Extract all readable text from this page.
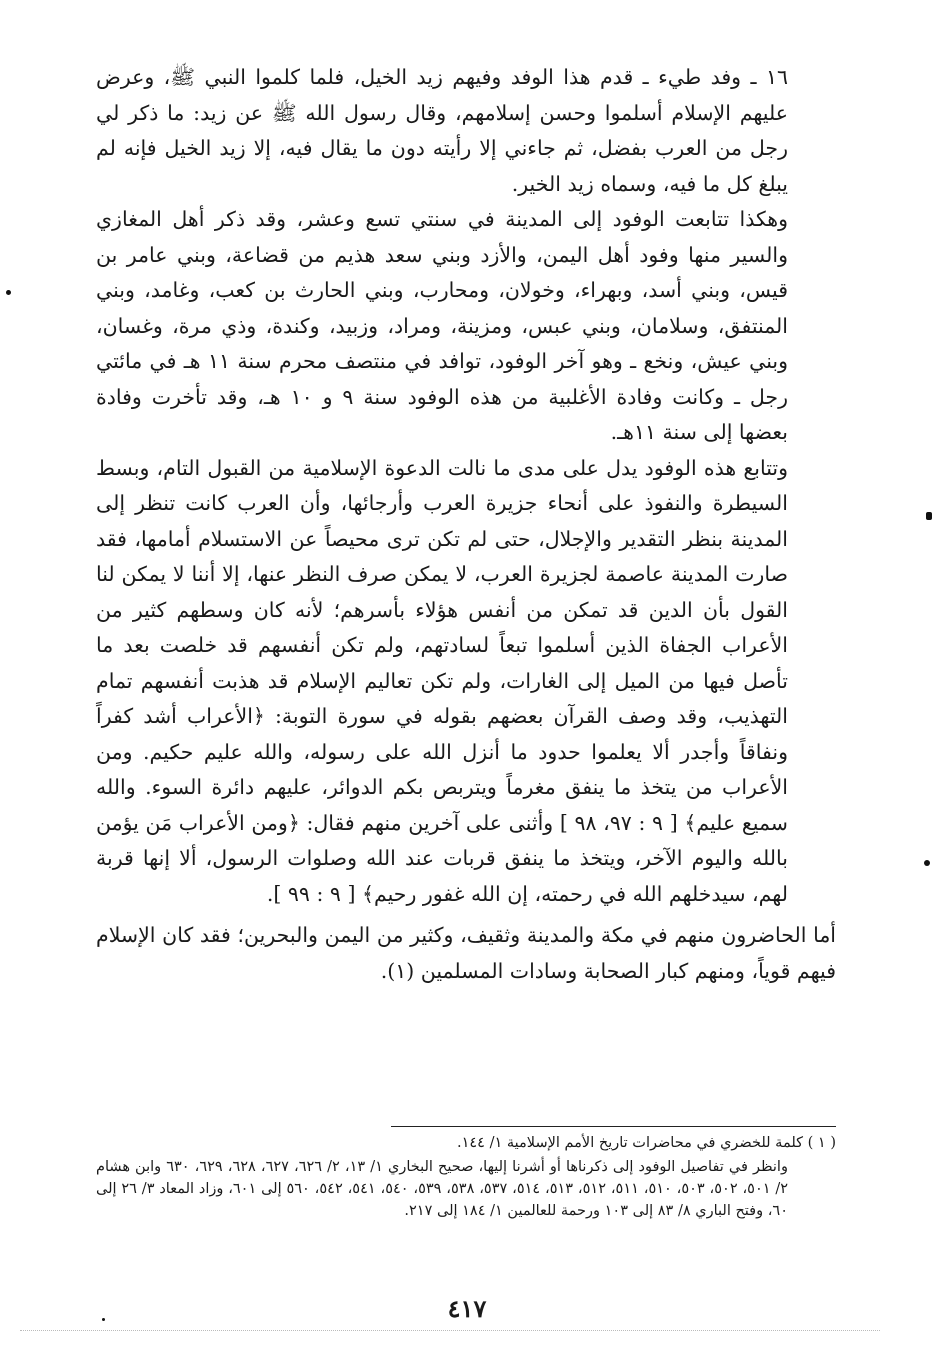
١٦ ـ وفد طيء ـ قدم هذا الوفد وفيهم زيد الخيل، فلما كلموا النبي ﷺ، وعرض عليهم الإسلام أسلموا وحسن إسلامهم، وقال رسول الله ﷺ عن زيد: ما ذكر لي رجل من العرب بفضل، ثم جاءني إلا رأيته دون ما يقال فيه، إلا زيد الخيل فإنه لم يبلغ كل ما فيه، وسماه زيد الخير.

وهكذا تتابعت الوفود إلى المدينة في سنتي تسع وعشر، وقد ذكر أهل المغازي والسير منها وفود أهل اليمن، والأزد وبني سعد هذيم من قضاعة، وبني عامر بن قيس، وبني أسد، وبهراء، وخولان، ومحارب، وبني الحارث بن كعب، وغامد، وبني المنتفق، وسلامان، وبني عبس، ومزينة، ومراد، وزبيد، وكندة، وذي مرة، وغسان، وبني عيش، ونخع ـ وهو آخر الوفود، توافد في منتصف محرم سنة ١١ هـ في مائتي رجل ـ وكانت وفادة الأغلبية من هذه الوفود سنة ٩ و ١٠ هـ، وقد تأخرت وفادة بعضها إلى سنة ١١هـ.

وتتابع هذه الوفود يدل على مدى ما نالت الدعوة الإسلامية من القبول التام، وبسط السيطرة والنفوذ على أنحاء جزيرة العرب وأرجائها، وأن العرب كانت تنظر إلى المدينة بنظر التقدير والإجلال، حتى لم تكن ترى محيصاً عن الاستسلام أمامها، فقد صارت المدينة عاصمة لجزيرة العرب، لا يمكن صرف النظر عنها، إلا أننا لا يمكن لنا القول بأن الدين قد تمكن من أنفس هؤلاء بأسرهم؛ لأنه كان وسطهم كثير من الأعراب الجفاة الذين أسلموا تبعاً لسادتهم، ولم تكن أنفسهم قد خلصت بعد ما تأصل فيها من الميل إلى الغارات، ولم تكن تعاليم الإسلام قد هذبت أنفسهم تمام التهذيب، وقد وصف القرآن بعضهم بقوله في سورة التوبة: ﴿الأعراب أشد كفراً ونفاقاً وأجدر ألا يعلموا حدود ما أنزل الله على رسوله، والله عليم حكيم. ومن الأعراب من يتخذ ما ينفق مغرماً ويتربص بكم الدوائر، عليهم دائرة السوء. والله سميع عليم﴾ [ ٩ : ٩٧، ٩٨ ] وأثنى على آخرين منهم فقال: ﴿ومن الأعراب مَن يؤمن بالله واليوم الآخر، ويتخذ ما ينفق قربات عند الله وصلوات الرسول، ألا إنها قربة لهم، سيدخلهم الله في رحمته، إن الله غفور رحيم﴾ [ ٩ : ٩٩ ].

أما الحاضرون منهم في مكة والمدينة وثقيف، وكثير من اليمن والبحرين؛ فقد كان الإسلام فيهم قوياً، ومنهم كبار الصحابة وسادات المسلمين (١).

( ١ ) كلمة للخضري في محاضرات تاريخ الأمم الإسلامية ١/ ١٤٤.

وانظر في تفاصيل الوفود إلى ذكرناها أو أشرنا إليها، صحيح البخاري ١/ ١٣، ٢/ ٦٢٦، ٦٢٧، ٦٢٨، ٦٢٩، ٦٣٠ وابن هشام ٢/ ٥٠١، ٥٠٢، ٥٠٣، ٥١٠، ٥١١، ٥١٢، ٥١٣، ٥١٤، ٥٣٧، ٥٣٨، ٥٣٩، ٥٤٠، ٥٤١، ٥٤٢، ٥٦٠ إلى ٦٠١، وزاد المعاد ٣/ ٢٦ إلى ٦٠، وفتح الباري ٨/ ٨٣ إلى ١٠٣ ورحمة للعالمين ١/ ١٨٤ إلى ٢١٧.

٤١٧
